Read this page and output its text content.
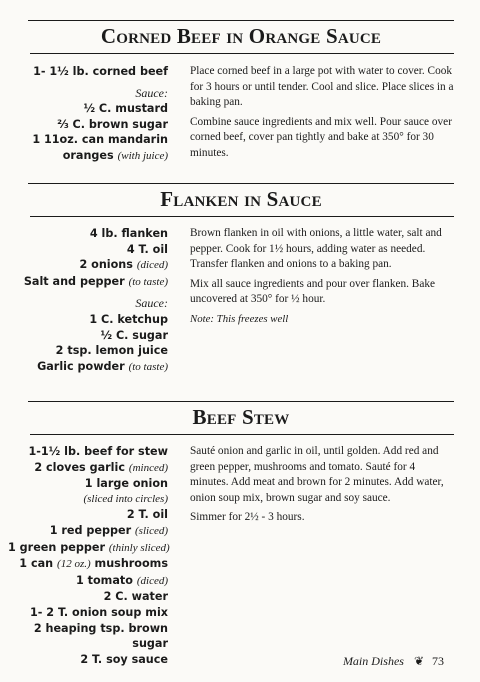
Corned Beef in Orange Sauce
1- 1½ lb. corned beef
Sauce:
½ C. mustard
⅔ C. brown sugar
1 11oz. can mandarin
oranges (with juice)

Place corned beef in a large pot with water to cover. Cook for 3 hours or until tender. Cool and slice. Place slices in a baking pan.

Combine sauce ingredients and mix well. Pour sauce over corned beef, cover pan tightly and bake at 350° for 30 minutes.

Flanken in Sauce
4 lb. flanken
4 T. oil
2 onions (diced)
Salt and pepper (to taste)
Sauce:
1 C. ketchup
½ C. sugar
2 tsp. lemon juice
Garlic powder (to taste)

Brown flanken in oil with onions, a little water, salt and pepper. Cook for 1½ hours, adding water as needed. Transfer flanken and onions to a baking pan.

Mix all sauce ingredients and pour over flanken. Bake uncovered at 350° for ½ hour.

Note: This freezes well

Beef Stew
1-1½ lb. beef for stew
2 cloves garlic (minced)
1 large onion
(sliced into circles)
2 T. oil
1 red pepper (sliced)
1 green pepper (thinly sliced)
1 can (12 oz.) mushrooms
1 tomato (diced)
2 C. water
1- 2 T. onion soup mix
2 heaping tsp. brown
sugar
2 T. soy sauce

Sauté onion and garlic in oil, until golden. Add red and green pepper, mushrooms and tomato. Sauté for 4 minutes. Add meat and brown for 2 minutes. Add water, onion soup mix, brown sugar and soy sauce.

Simmer for 2½ - 3 hours.

Main Dishes ❦ 73
